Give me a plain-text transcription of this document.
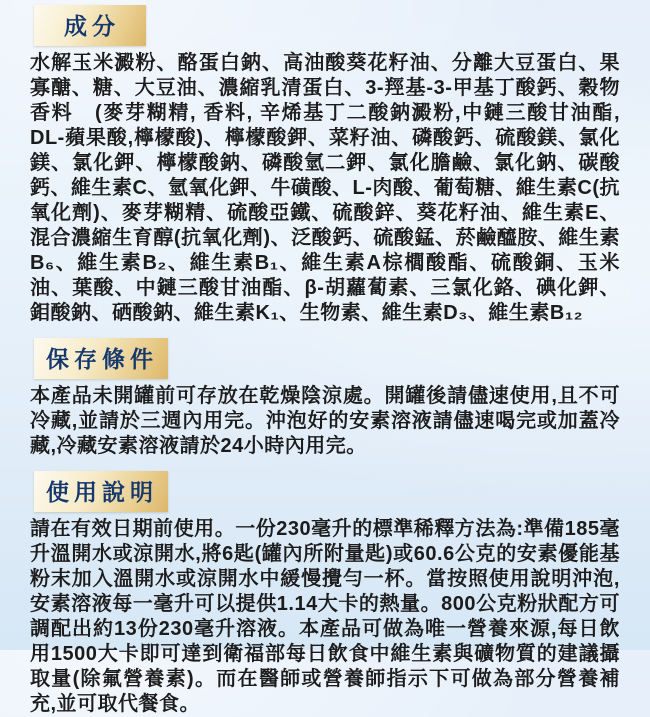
成分

水解玉米澱粉、酪蛋白鈉、高油酸葵花籽油、分離大豆蛋白、果寡醣、糖、大豆油、濃縮乳清蛋白、3-羥基-3-甲基丁酸鈣、穀物香料　(麥芽糊精, 香料, 辛烯基丁二酸鈉澱粉,中鏈三酸甘油酯, DL-蘋果酸,檸檬酸)、檸檬酸鉀、菜籽油、磷酸鈣、硫酸鎂、氯化鎂、氯化鉀、檸檬酸鈉、磷酸氫二鉀、氯化膽鹼、氯化鈉、碳酸鈣、維生素C、氫氧化鉀、牛磺酸、L-肉酸、葡萄糖、維生素C(抗氧化劑)、麥芽糊精、硫酸亞鐵、硫酸鋅、葵花籽油、維生素E、混合濃縮生育醇(抗氧化劑)、泛酸鈣、硫酸錳、菸鹼醯胺、維生素B₆、維生素B₂、維生素B₁、維生素A棕櫚酸酯、硫酸銅、玉米油、葉酸、中鏈三酸甘油酯、β-胡蘿蔔素、三氯化鉻、碘化鉀、鉬酸鈉、硒酸鈉、維生素K₁、生物素、維生素D₃、維生素B₁₂

保存條件

本產品未開罐前可存放在乾燥陰涼處。開罐後請儘速使用,且不可冷藏,並請於三週內用完。沖泡好的安素溶液請儘速喝完或加蓋冷藏,冷藏安素溶液請於24小時內用完。

使用說明

請在有效日期前使用。一份230毫升的標準稀釋方法為:準備185毫升溫開水或涼開水,將6匙(罐內所附量匙)或60.6公克的安素優能基粉末加入溫開水或涼開水中緩慢攪勻一杯。當按照使用說明沖泡,安素溶液每一毫升可以提供1.14大卡的熱量。800公克粉狀配方可調配出約13份230毫升溶液。本產品可做為唯一營養來源,每日飲用1500大卡即可達到衛福部每日飲食中維生素與礦物質的建議攝取量(除氟營養素)。而在醫師或營養師指示下可做為部分營養補充,並可取代餐食。
